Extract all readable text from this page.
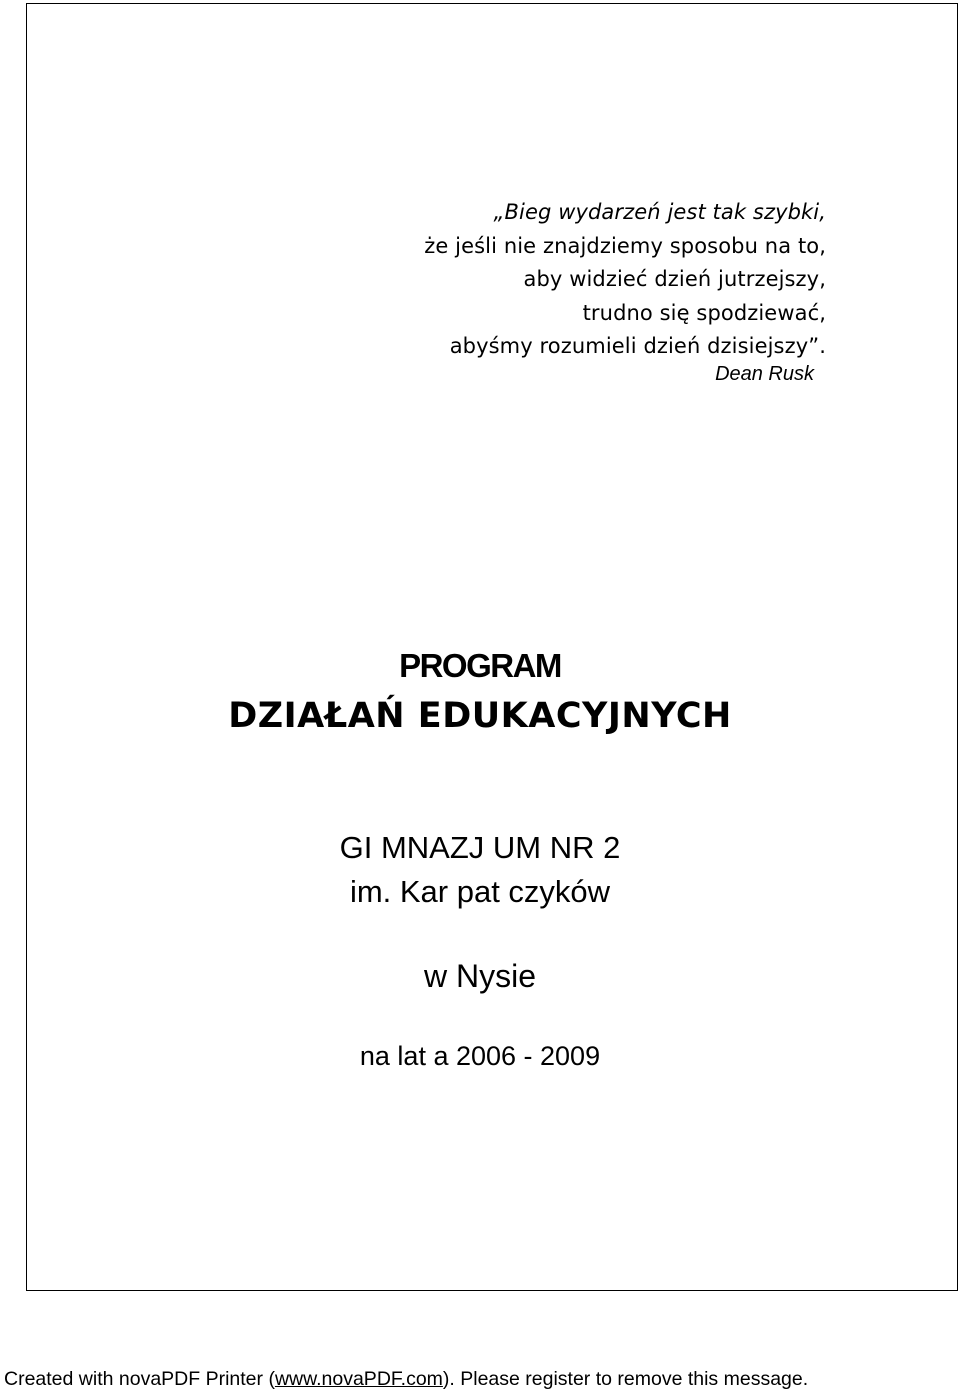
„Bieg wydarzeń jest tak szybki,
że jeśli nie znajdziemy sposobu na to,
aby widzieć dzień jutrzejszy,
trudno się spodziewać,
abyśmy rozumieli dzień dzisiejszy”.
Dean Rusk
PROGRAM
DZIAŁAŃ EDUKACYJNYCH
GI MNAZJ UM NR 2
im. Kar pat czyków
w Nysie
na lat a 2006 - 2009
Created with novaPDF Printer (www.novaPDF.com). Please register to remove this message.
